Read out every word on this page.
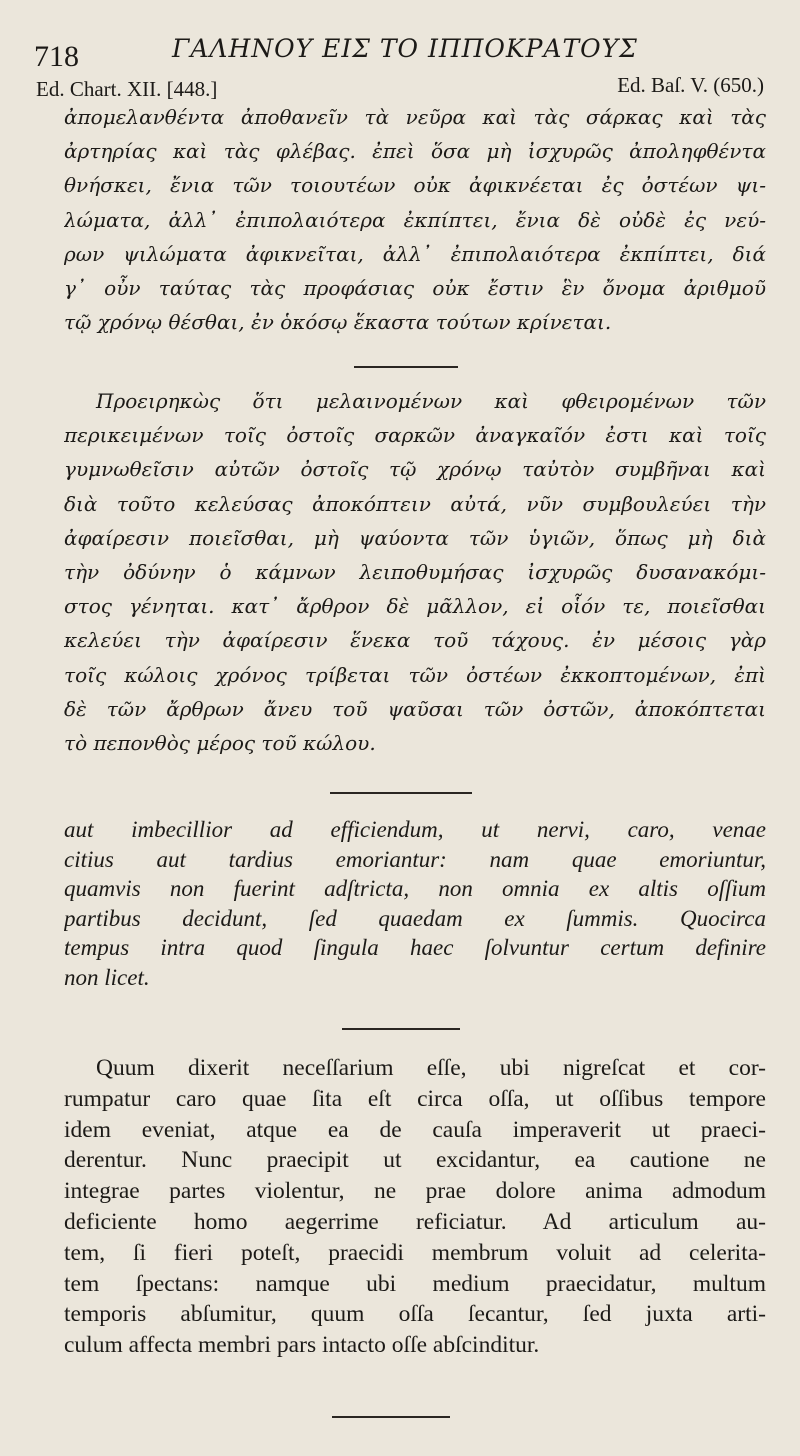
718	ΓΑΛΗΝΟΥ ΕΙΣ ΤΟ ΙΠΠΟΚΡΑΤΟΥΣ
Ed. Chart. XII. [448.]	Ed. Baſ. V. (650.)
ἀπομελανθέντα ἀποθανεῖν τὰ νεῦρα καὶ τὰς σάρκας καὶ τὰς
ἀρτηρίας καὶ τὰς φλέβας. ἐπεὶ ὅσα μὴ ἰσχυρῶς ἀποληφθέντα
θνήσκει, ἔνια τῶν τοιουτέων οὐκ ἀφικνέεται ἐς ὀστέων ψι-
λώματα, ἀλλ᾽ ἐπιπολαιότερα ἐκπίπτει, ἔνια δὲ οὐδὲ ἐς νεύ-
ρων ψιλώματα ἀφικνεῖται, ἀλλ᾽ ἐπιπολαιότερα ἐκπίπτει, διά
γ᾽ οὖν ταύτας τὰς προφάσιας οὐκ ἔστιν ἓν ὄνομα ἀριθμοῦ
τῷ χρόνῳ θέσθαι, ἐν ὁκόσῳ ἕκαστα τούτων κρίνεται.
Προειρηκὼς ὅτι μελαινομένων καὶ φθειρομένων τῶν
περικειμένων τοῖς ὀστοῖς σαρκῶν ἀναγκαῖόν ἐστι καὶ τοῖς
γυμνωθεῖσιν αὐτῶν ὀστοῖς τῷ χρόνῳ ταὐτὸν συμβῆναι καὶ
διὰ τοῦτο κελεύσας ἀποκόπτειν αὐτά, νῦν συμβουλεύει τὴν
ἀφαίρεσιν ποιεῖσθαι, μὴ ψαύοντα τῶν ὑγιῶν, ὅπως μὴ διὰ
τὴν ὀδύνην ὁ κάμνων λειποθυμήσας ἰσχυρῶς δυσανακόμι-
στος γένηται. κατ᾽ ἄρθρον δὲ μᾶλλον, εἰ οἷόν τε, ποιεῖσθαι
κελεύει τὴν ἀφαίρεσιν ἕνεκα τοῦ τάχους. ἐν μέσοις γὰρ
τοῖς κώλοις χρόνος τρίβεται τῶν ὀστέων ἐκκοπτομένων, ἐπὶ
δὲ τῶν ἄρθρων ἄνευ τοῦ ψαῦσαι τῶν ὀστῶν, ἀποκόπτεται
τὸ πεπονθὸς μέρος τοῦ κώλου.
aut imbecillior ad efficiendum, ut nervi, caro, venae
citius aut tardius emoriantur: nam quae emoriuntur,
quamvis non fuerint adſtricta, non omnia ex altis oſſium
partibus decidunt, ſed quaedam ex ſummis. Quocirca
tempus intra quod ſingula haec ſolvuntur certum definire
non licet.
Quum dixerit neceſſarium eſſe, ubi nigreſcat et cor-
rumpatur caro quae ſita eſt circa oſſa, ut oſſibus tempore
idem eveniat, atque ea de cauſa imperaverit ut praeci-
derentur. Nunc praecipit ut excidantur, ea cautione ne
integrae partes violentur, ne prae dolore anima admodum
deficiente homo aegerrime reficiatur. Ad articulum au-
tem, ſi fieri poteſt, praecidi membrum voluit ad celerita-
tem ſpectans: namque ubi medium praecidatur, multum
temporis abſumitur, quum oſſa ſecantur, ſed juxta arti-
culum affecta membri pars intacto oſſe abſcinditur.
